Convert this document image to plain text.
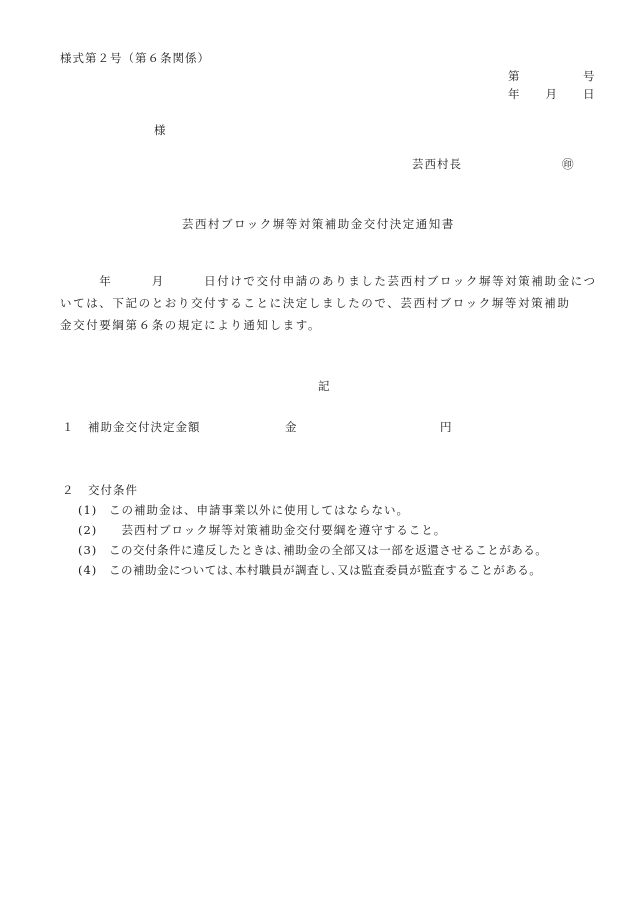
様式第２号（第６条関係）
第　　　　　号
年　　月　　日
様
芸西村長	㊞
芸西村ブロック塀等対策補助金交付決定通知書
　　　年　　　月　　　日付けで交付申請のありました芸西村ブロック塀等対策補助金につ
いては、下記のとおり交付することに決定しましたので、芸西村ブロック塀等対策補助
金交付要綱第６条の規定により通知します。
記
１ 補助金交付決定金額	金	円
２ 交付条件
(1) この補助金は、申請事業以外に使用してはならない。
(2) 　芸西村ブロック塀等対策補助金交付要綱を遵守すること。
(3) この交付条件に違反したときは､補助金の全部又は一部を返還させることがある。
(4) この補助金については､本村職員が調査し､又は監査委員が監査することがある。
